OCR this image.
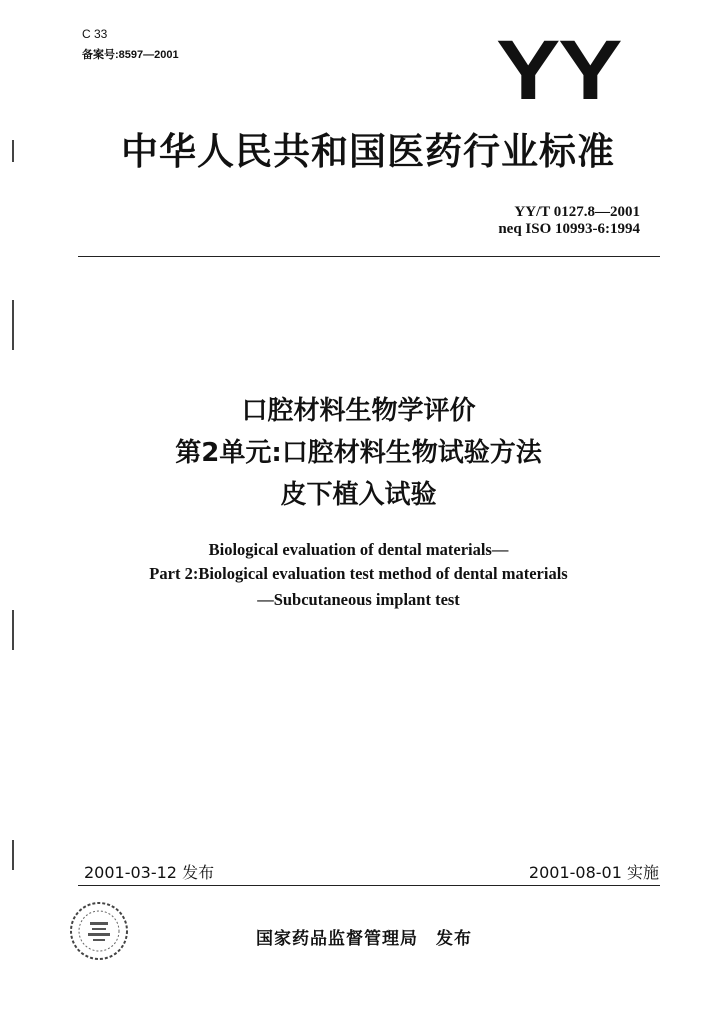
C 33
备案号:8597—2001	YY
中华人民共和国医药行业标准
YY/T 0127.8—2001
neq ISO 10993-6:1994
口腔材料生物学评价
第2单元:口腔材料生物试验方法
皮下植入试验
Biological evaluation of dental materials—
Part 2:Biological evaluation test method of dental materials
—Subcutaneous implant test
2001-03-12 发布	2001-08-01 实施
国家药品监督管理局 发布
